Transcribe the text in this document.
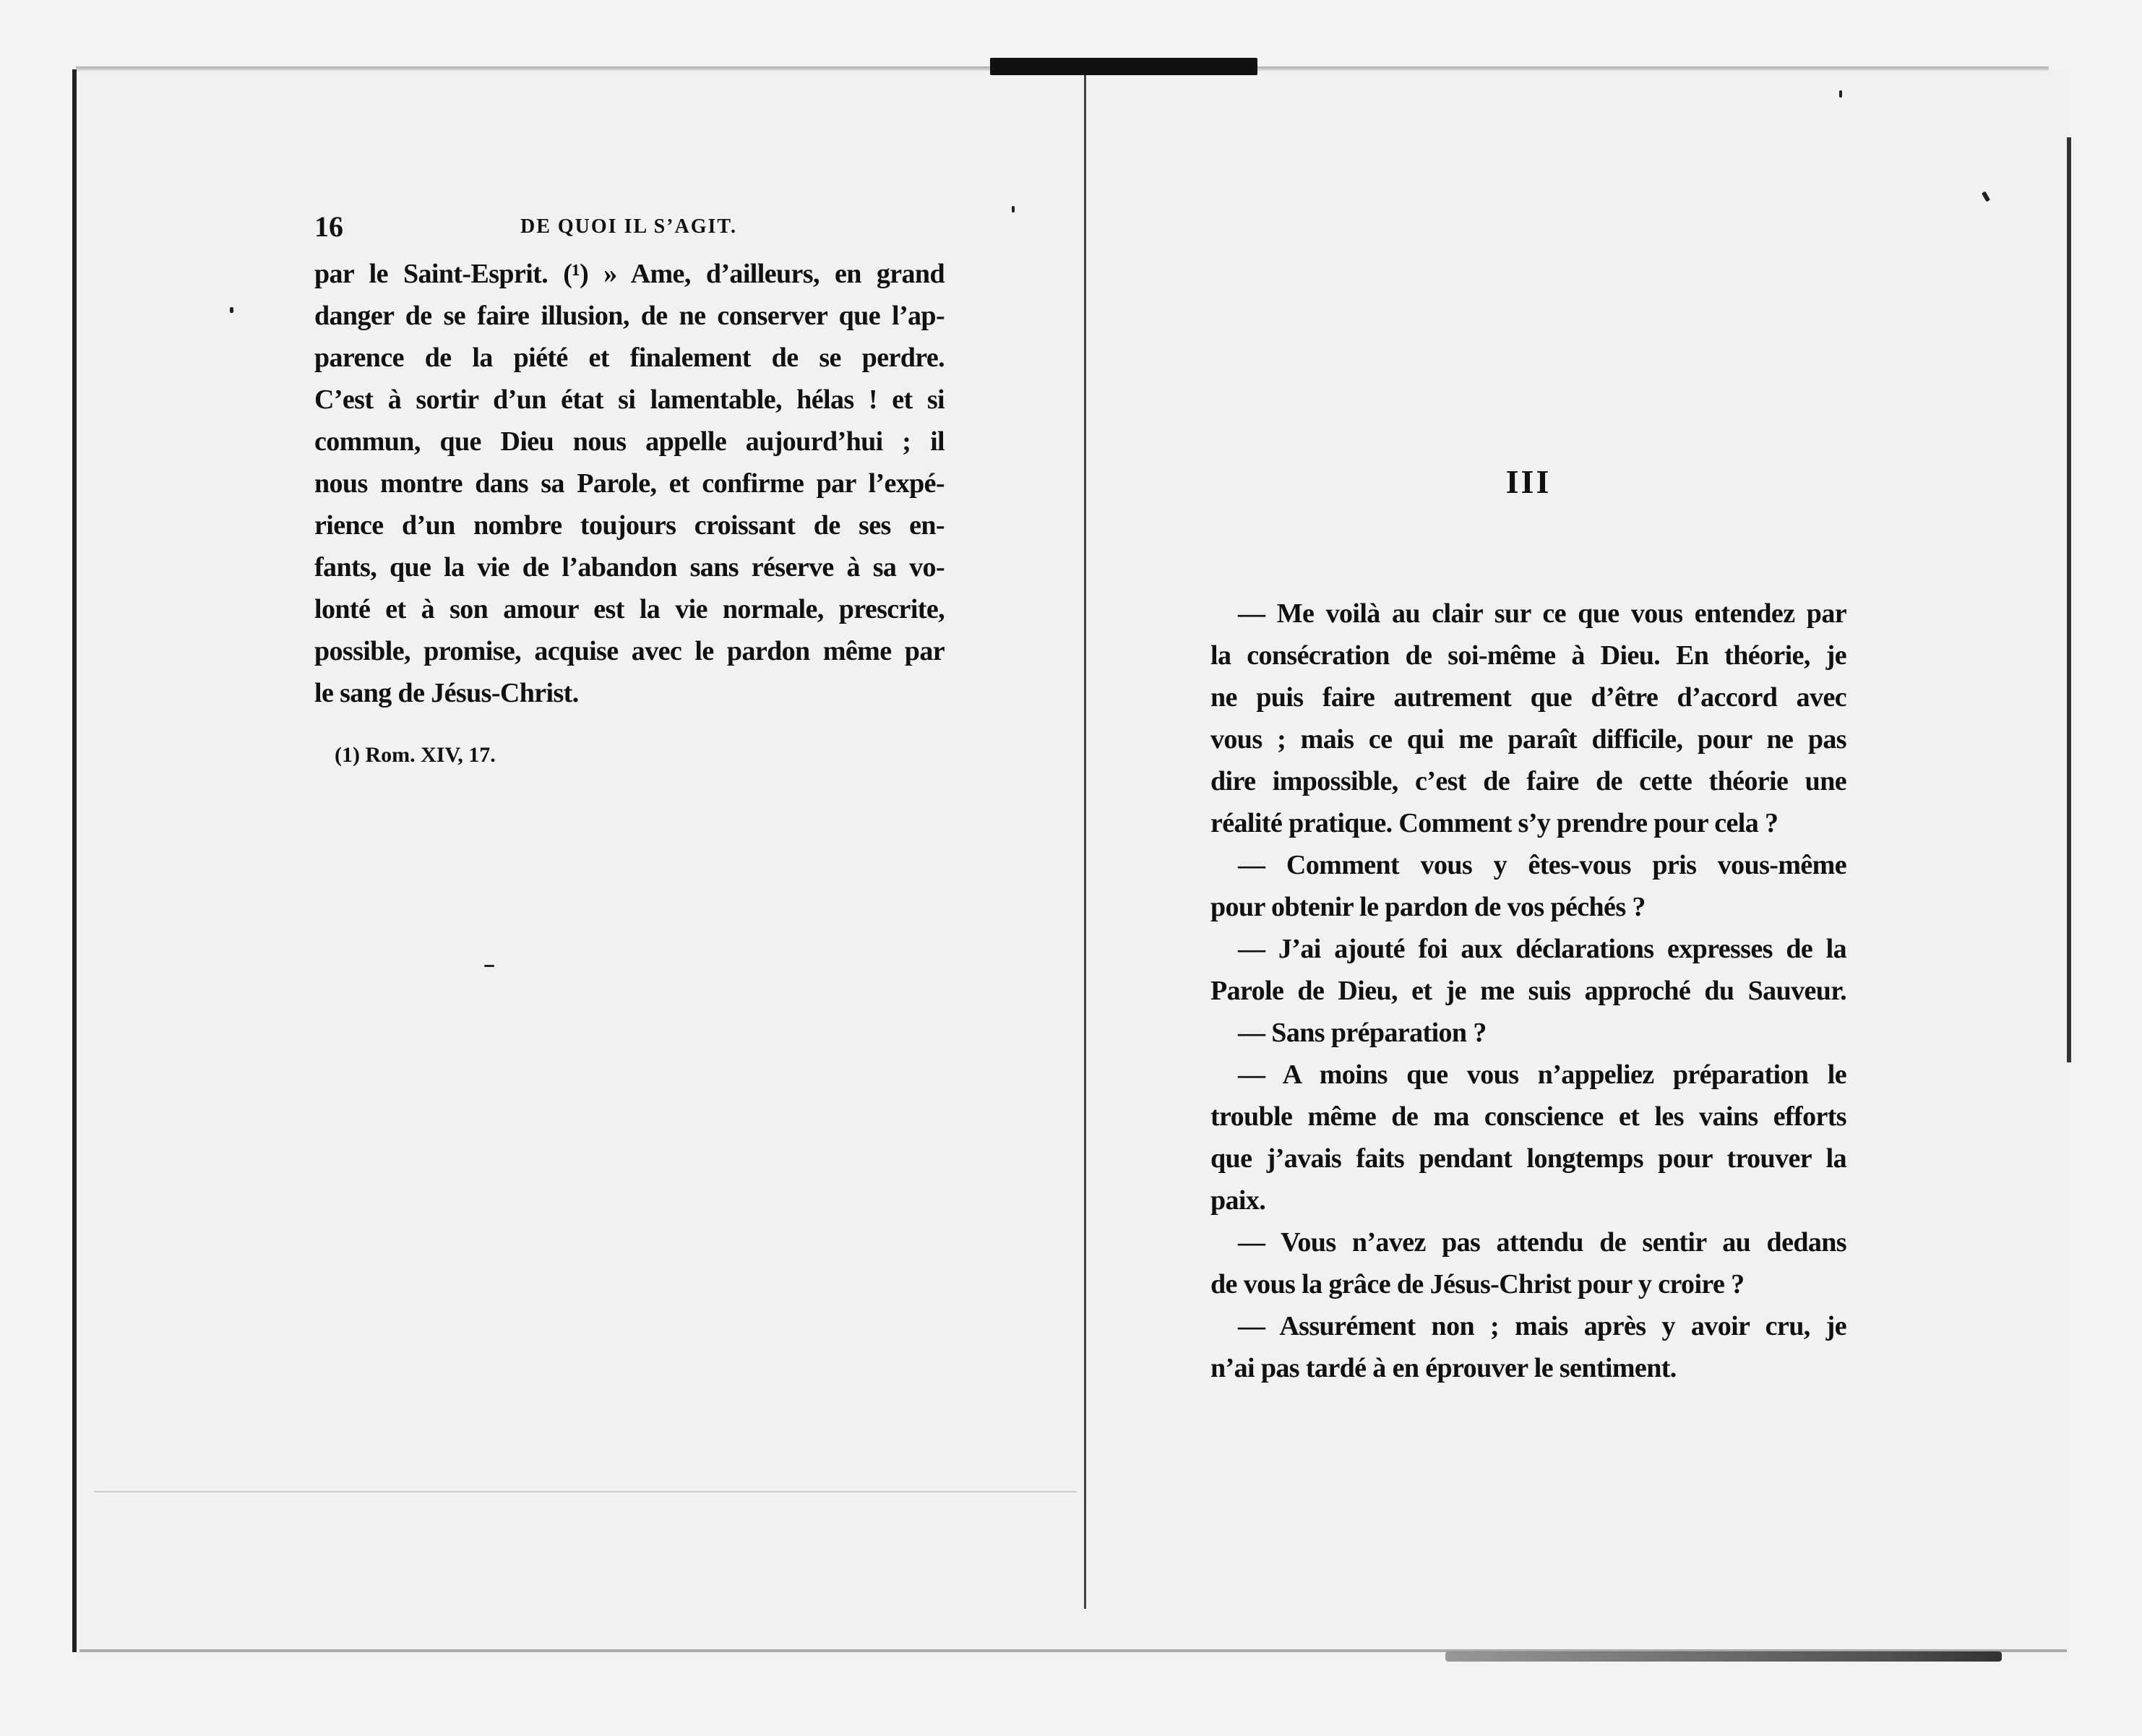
16	DE QUOI IL S’AGIT.
par le Saint-Esprit. (¹) » Ame, d’ailleurs, en grand
danger de se faire illusion, de ne conserver que l’ap-
parence de la piété et finalement de se perdre.
C’est à sortir d’un état si lamentable, hélas ! et si
commun, que Dieu nous appelle aujourd’hui ; il
nous montre dans sa Parole, et confirme par l’expé-
rience d’un nombre toujours croissant de ses en-
fants, que la vie de l’abandon sans réserve à sa vo-
lonté et à son amour est la vie normale, prescrite,
possible, promise, acquise avec le pardon même par
le sang de Jésus-Christ.
(1) Rom. XIV, 17.
III
— Me voilà au clair sur ce que vous entendez par
la consécration de soi-même à Dieu. En théorie, je
ne puis faire autrement que d’être d’accord avec
vous ; mais ce qui me paraît difficile, pour ne pas
dire impossible, c’est de faire de cette théorie une
réalité pratique. Comment s’y prendre pour cela ?
— Comment vous y êtes-vous pris vous-même
pour obtenir le pardon de vos péchés ?
— J’ai ajouté foi aux déclarations expresses de la
Parole de Dieu, et je me suis approché du Sauveur.
— Sans préparation ?
— A moins que vous n’appeliez préparation le
trouble même de ma conscience et les vains efforts
que j’avais faits pendant longtemps pour trouver la
paix.
— Vous n’avez pas attendu de sentir au dedans
de vous la grâce de Jésus-Christ pour y croire ?
— Assurément non ; mais après y avoir cru, je
n’ai pas tardé à en éprouver le sentiment.
